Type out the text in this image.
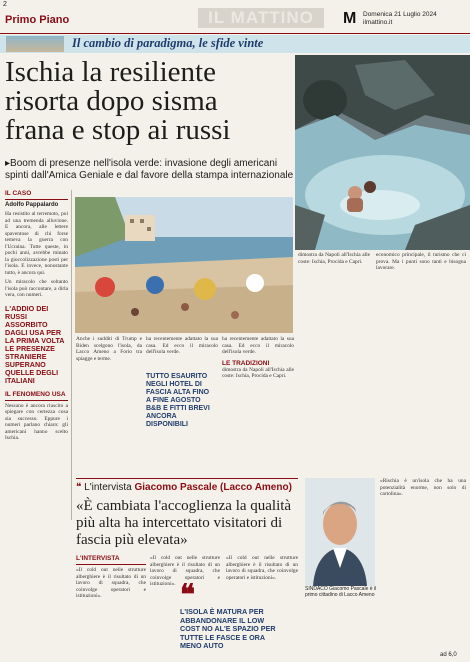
2
Primo Piano	IL MATTINO	M Domenica 21 Luglio 2024
ilmattino.it
Il cambio di paradigma, le sfide vinte
Ischia la resiliente
risorta dopo sisma
frana e stop ai russi
▸Boom di presenze nell'isola verde: invasione degli americani
spinti dall'Amica Geniale e dal favore della stampa internazionale
IL CASO
Adolfo Pappalardo
Ha resistito al terremoto, poi ad una tremenda alluvione. E ancora, alle lettere spaventose di chi forse temeva la guerra con l'Ucraina. Tutte queste, in pochi anni, avrebbe minato la gioccolizzazione posti per l'isola. E invece, nonostante tutto, è ancora qui.
Un miracolo che soltanto l'isola può raccontare, a dirla vera, con numeri.
L'ADDIO DEI RUSSI ASSORBITO DAGLI USA PER LA PRIMA VOLTA LE PRESENZE STRANIERE SUPERANO QUELLE DEGLI ITALIANI
IL FENOMENO USA
Nessuno è ancora riuscito a spiegare con certezza cosa sia successo. Eppure i numeri parlano chiaro: gli americani hanno scelto Ischia.
Anche i sudditi di Trump e Biden scelgono l'isola, da Lacco Ameno a Forio tra spiagge e terme.
ha recentemente adattato la sua casa. Ed ecco il miracolo dell'isola verde.
TUTTO ESAURITO NEGLI HOTEL DI FASCIA ALTA FINO A FINE AGOSTO B&B E FITTI BREVI ANCORA DISPONIBILI
ha recentemente adattato la sua casa. Ed ecco il miracolo dell'isola verde.
LE TRADIZIONI
dimostra da Napoli all'Ischia alle coste: Ischia, Procida e Capri.
dimostra da Napoli all'Ischia alle coste: Ischia, Procida e Capri.
economico principale, il turismo che ci prova. Ma i punti sono tanti e bisogna lavorare.
❝ L'intervista Giacomo Pascale (Lacco Ameno)
«È cambiata l'accoglienza la qualità più alta ha intercettato visitatori di fascia più elevata»
L'INTERVISTA
«Il cold out nelle strutture alberghiere è il risultato di un lavoro di squadra, che coinvolge operatori e istituzioni».
«Il cold out nelle strutture alberghiere è il risultato di un lavoro di squadra, che coinvolge operatori e istituzioni». ❝
L'ISOLA È MATURA PER ABBANDONARE IL LOW COST NO AL'E SPAZIO PER TUTTE LE FASCE E ORA MENO AUTO
«Il cold out nelle strutture alberghiere è il risultato di un lavoro di squadra, che coinvolge operatori e istituzioni».
SINDACO Giacomo Pascale è il primo cittadino di Lacco Ameno
«Rischia è un'isola che ha una potenzialità enorme, non solo di cartolina».
ad 6,0
